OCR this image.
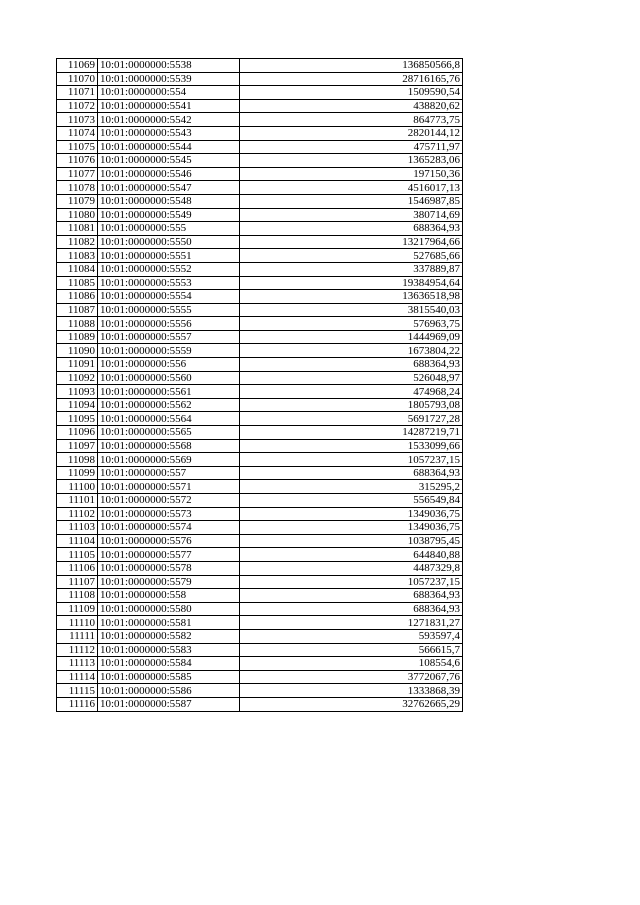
11069	10:01:0000000:5538	136850566,8
11070	10:01:0000000:5539	28716165,76
11071	10:01:0000000:554	1509590,54
11072	10:01:0000000:5541	438820,62
11073	10:01:0000000:5542	864773,75
11074	10:01:0000000:5543	2820144,12
11075	10:01:0000000:5544	475711,97
11076	10:01:0000000:5545	1365283,06
11077	10:01:0000000:5546	197150,36
11078	10:01:0000000:5547	4516017,13
11079	10:01:0000000:5548	1546987,85
11080	10:01:0000000:5549	380714,69
11081	10:01:0000000:555	688364,93
11082	10:01:0000000:5550	13217964,66
11083	10:01:0000000:5551	527685,66
11084	10:01:0000000:5552	337889,87
11085	10:01:0000000:5553	19384954,64
11086	10:01:0000000:5554	13636518,98
11087	10:01:0000000:5555	3815540,03
11088	10:01:0000000:5556	576963,75
11089	10:01:0000000:5557	1444969,09
11090	10:01:0000000:5559	1673804,22
11091	10:01:0000000:556	688364,93
11092	10:01:0000000:5560	526048,97
11093	10:01:0000000:5561	474968,24
11094	10:01:0000000:5562	1805793,08
11095	10:01:0000000:5564	5691727,28
11096	10:01:0000000:5565	14287219,71
11097	10:01:0000000:5568	1533099,66
11098	10:01:0000000:5569	1057237,15
11099	10:01:0000000:557	688364,93
11100	10:01:0000000:5571	315295,2
11101	10:01:0000000:5572	556549,84
11102	10:01:0000000:5573	1349036,75
11103	10:01:0000000:5574	1349036,75
11104	10:01:0000000:5576	1038795,45
11105	10:01:0000000:5577	644840,88
11106	10:01:0000000:5578	4487329,8
11107	10:01:0000000:5579	1057237,15
11108	10:01:0000000:558	688364,93
11109	10:01:0000000:5580	688364,93
11110	10:01:0000000:5581	1271831,27
11111	10:01:0000000:5582	593597,4
11112	10:01:0000000:5583	566615,7
11113	10:01:0000000:5584	108554,6
11114	10:01:0000000:5585	3772067,76
11115	10:01:0000000:5586	1333868,39
11116	10:01:0000000:5587	32762665,29
